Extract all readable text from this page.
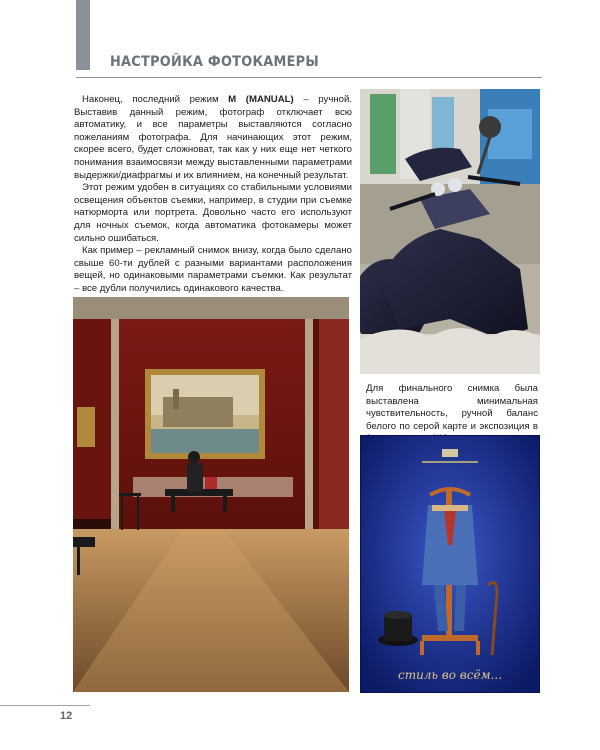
НАСТРОЙКА ФОТОКАМЕРЫ

Наконец, последний режим M (MANUAL) – ручной. Выставив данный режим, фотограф отключает всю автоматику, и все параметры выставляются согласно пожеланиям фотографа. Для начинающих этот режим, скорее всего, будет сложноват, так как у них еще нет четкого понимания взаимосвязи между выставленными параметрами выдержки/диафрагмы и их влиянием, на конечный результат.

Этот режим удобен в ситуациях со стабильными условиями освещения объектов съемки, например, в студии при съемке натюрморта или портрета. Довольно часто его используют для ночных съемок, когда автоматика фотокамеры может сильно ошибаться.

Как пример – рекламный снимок внизу, когда было сделано свыше 60-ти дублей с разными вариантами расположения вещей, но одинаковыми параметрами съемки. Как результат – все дубли получились одинакового качества.

Для финального снимка была выставлена минимальная чувствительность, ручной баланс белого по серой карте и экспозиция в
стиль во всём...
12
